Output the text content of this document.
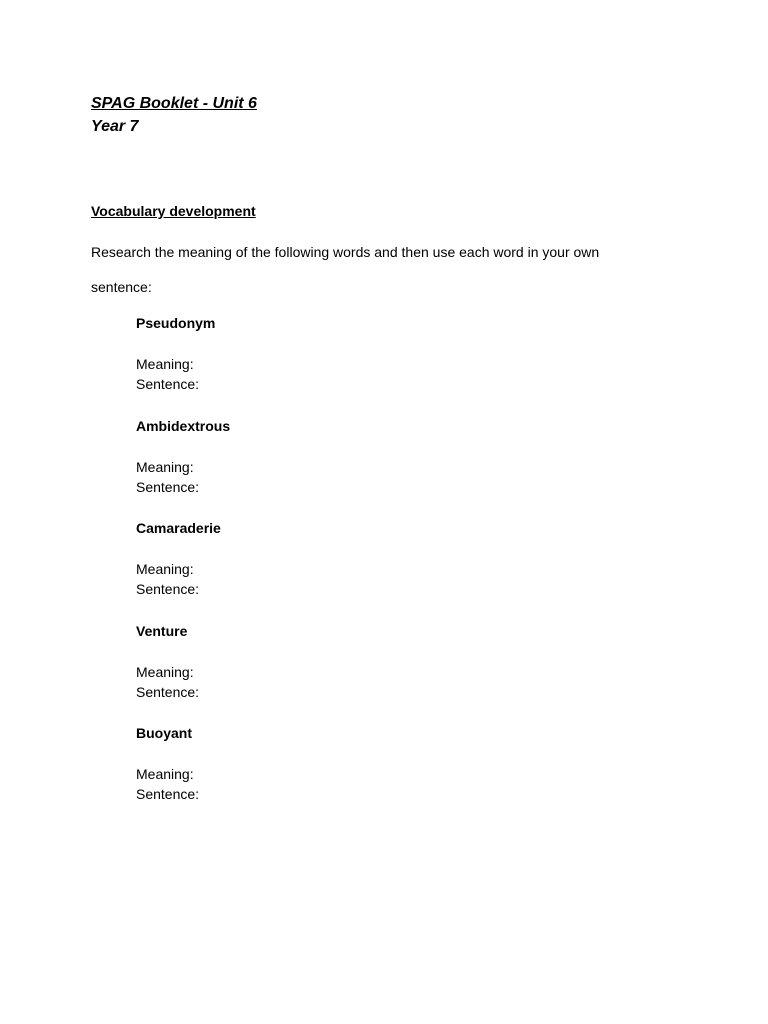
SPAG Booklet - Unit 6

Year 7

Vocabulary development

Research the meaning of the following words and then use each word in your own

sentence:

Pseudonym

Meaning:

Sentence:

Ambidextrous

Meaning:

Sentence:

Camaraderie

Meaning:

Sentence:

Venture

Meaning:

Sentence:

Buoyant

Meaning:

Sentence:
